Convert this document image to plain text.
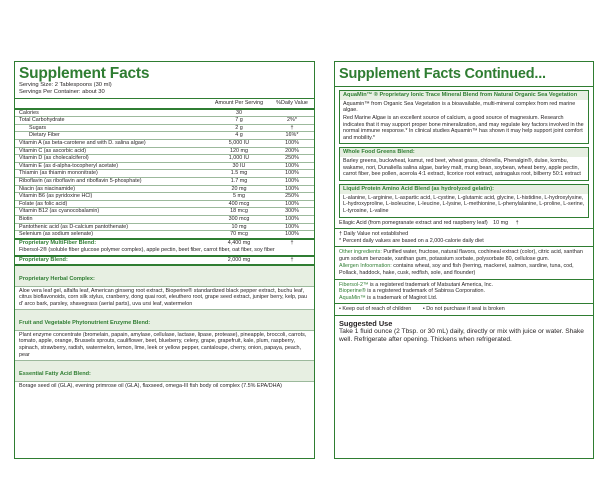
Supplement Facts
Serving Size: 2 Tablespoons (30 ml)
Servings Per Container: about 30
Amount Per Serving	%Daily Value
Calories	30
Total Carbohydrate	7 g	2%*
Sugars	2 g	†
Dietary Fiber	4 g	16%*
Vitamin A (as beta-carotene and with D. salina algae)	5,000 IU	100%
Vitamin C (as ascorbic acid)	120 mg	200%
Vitamin D (as cholecalciferol)	1,000 IU	250%
Vitamin E (as d-alpha-tocopheryl acetate)	30 IU	100%
Thiamin (as thiamin mononitrate)	1.5 mg	100%
Riboflavin (as riboflavin and riboflavin 5-phosphate)	1.7 mg	100%
Niacin (as niacinamide)	20 mg	100%
Vitamin B6 (as pyridoxine HCl)	5 mg	250%
Folate (as folic acid)	400 mcg	100%
Vitamin B12 (as cyanocobalamin)	18 mcg	300%
Biotin	300 mcg	100%
Pantothenic acid (as D-calcium pantothenate)	10 mg	100%
Selenium (as sodium selenate)	70 mcg	100%
Proprietary MultiFiber Blend:	4,400 mg	†
Fibersol-2® (soluble fiber glucose polymer complex), apple pectin, beet fiber, carrot fiber, oat fiber, soy fiber
Proprietary Blend:	2,000 mg	†
Proprietary Herbal Complex:
Aloe vera leaf gel, alfalfa leaf, American ginseng root extract, Bioperine® standardized black pepper extract, buchu leaf, citrus bioflavonoids, corn silk stylus, cranberry, dong quai root, eleuthero root, grape seed extract, juniper berry, kelp, pau d' arco bark, parsley, shavegrass (aerial parts), uva ursi leaf, watermelon
Fruit and Vegetable Phytonutrient Enzyme Blend:
Plant enzyme concentrate (bromelain, papain, amylase, cellulase, lactase, lipase, protease), pineapple, broccoli, carrots, tomato, apple, orange, Brussels sprouts, cauliflower, beet, blueberry, celery, grape, grapefruit, kale, plum, raspberry, spinach, strawberry, radish, watermelon, lemon, lime, leek or yellow pepper, cantaloupe, cherry, onion, papaya, peach, pear
Essential Fatty Acid Blend:
Borage seed oil (GLA), evening primrose oil (GLA), flaxseed, omega-III fish body oil complex (7.5% EPA/DHA)
Supplement Facts Continued...
AquaMin™ ® Proprietary Ionic Trace Mineral Blend from Natural Organic Sea Vegetation
Aquamin™ from Organic Sea Vegetation is a bioavailable, multi-mineral complex from red marine algae.
Red Marine Algae is an excellent source of calcium, a good source of magnesium. Research indicates that it may support proper bone mineralization, and may regulate key factors involved in the normal immune response.* In clinical studies Aquamin™ has shown it may help support joint comfort and mobility.*
Whole Food Greens Blend:
Barley greens, buckwheat, kamut, red beet, wheat grass, chlorella, Phenalgin®, dulse, kombu, wakame, nori, Dunaliella salina algae, barley malt, mung bean, soybean, wheat berry, apple pectin, carrot fiber, bee pollen, acerola 4:1 extract, licorice root extract, astragalus root, bilberry 50:1 extract
Liquid Protein Amino Acid Blend (as hydrolyzed gelatin):
L-alanine, L-arginine, L-aspartic acid, L-cystine, L-glutamic acid, glycine, L-histidine, L-hydroxylysine, L-hydroxyproline, L-isoleucine, L-leucine, L-lysine, L-methionine, L-phenylalanine, L-proline, L-serine, L-tyrosine, L-valine
Ellagic Acid (from pomegranate extract and red raspberry leaf) 10 mg †
† Daily Value not established
* Percent daily values are based on a 2,000-calorie daily diet
Other ingredients: Purified water, fructose, natural flavors, cochineal extract (color), citric acid, xanthan gum sodium benzoate, xanthan gum, potassium sorbate, polysorbate 80, cellulose gum.
Allergen Infoormation: contains wheat, soy and fish (herring, mackerel, salmon, sardine, tuna, cod, Pollack, haddock, hake, cusk, redfish, sole, and flounder)
Fibersol-2™ is a registered trademark of Matsutani America, Inc.
Bioperine® is a registered trademark of Sabinsa Corporation.
AquaMin™ is a trademark of Magirot Ltd.
• Keep out of reach of children • Do not purchase if seal is broken
Suggested Use
Take 1 fluid ounce (2 Tbsp. or 30 mL) daily, directly or mix with juice or water. Shake well. Refrigerate after opening. Thickens when refrigerated.
